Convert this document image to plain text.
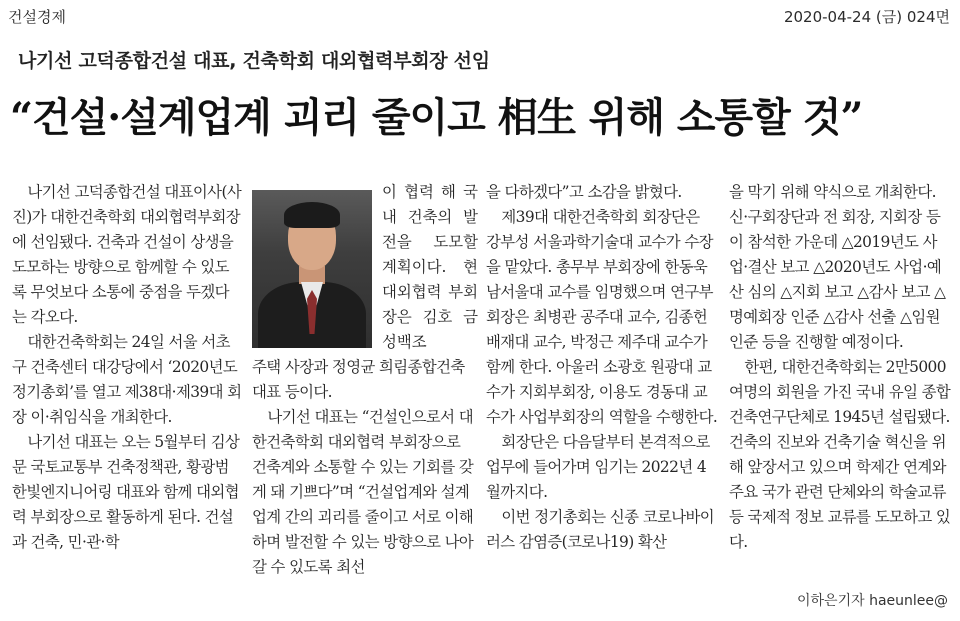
건설경제	2020-04-24 (금) 024면
나기선 고덕종합건설 대표, 건축학회 대외협력부회장 선임
“건설·설계업계 괴리 줄이고 相生 위해 소통할 것”

나기선 고덕종합건설 대표이사(사진)가 대한건축학회 대외협력부회장에 선임됐다. 건축과 건설이 상생을 도모하는 방향으로 함께할 수 있도록 무엇보다 소통에 중점을 두겠다는 각오다.

대한건축학회는 24일 서울 서초구 건축센터 대강당에서 ‘2020년도 정기총회’를 열고 제38대·제39대 회장 이·취임식을 개최한다.

나기선 대표는 오는 5월부터 김상문 국토교통부 건축정책관, 황광범 한빛엔지니어링 대표와 함께 대외협력 부회장으로 활동하게 된다. 건설과 건축, 민·관·학

이 협력 해 국내 건축의 발전을 도모할 계획이다. 현 대외협력 부회장은 김호 금성백조

주택 사장과 정영균 희림종합건축 대표 등이다.

나기선 대표는 “건설인으로서 대한건축학회 대외협력 부회장으로 건축계와 소통할 수 있는 기회를 갖게 돼 기쁘다”며 “건설업계와 설계업계 간의 괴리를 줄이고 서로 이해하며 발전할 수 있는 방향으로 나아갈 수 있도록 최선

을 다하겠다”고 소감을 밝혔다.

제39대 대한건축학회 회장단은 강부성 서울과학기술대 교수가 수장을 맡았다. 총무부 부회장에 한동욱 남서울대 교수를 임명했으며 연구부회장은 최병관 공주대 교수, 김종헌 배재대 교수, 박정근 제주대 교수가 함께 한다. 아울러 소광호 원광대 교수가 지회부회장, 이용도 경동대 교수가 사업부회장의 역할을 수행한다.

회장단은 다음달부터 본격적으로 업무에 들어가며 임기는 2022년 4월까지다.

이번 정기총회는 신종 코로나바이러스 감염증(코로나19) 확산

을 막기 위해 약식으로 개최한다. 신·구회장단과 전 회장, 지회장 등이 참석한 가운데 △2019년도 사업·결산 보고 △2020년도 사업·예산 심의 △지회 보고 △감사 보고 △명예회장 인준 △감사 선출 △임원 인준 등을 진행할 예정이다.

한편, 대한건축학회는 2만5000여명의 회원을 가진 국내 유일 종합건축연구단체로 1945년 설립됐다. 건축의 진보와 건축기술 혁신을 위해 앞장서고 있으며 학제간 연계와 주요 국가 관련 단체와의 학술교류 등 국제적 정보 교류를 도모하고 있다.

이하은기자 haeunlee@
